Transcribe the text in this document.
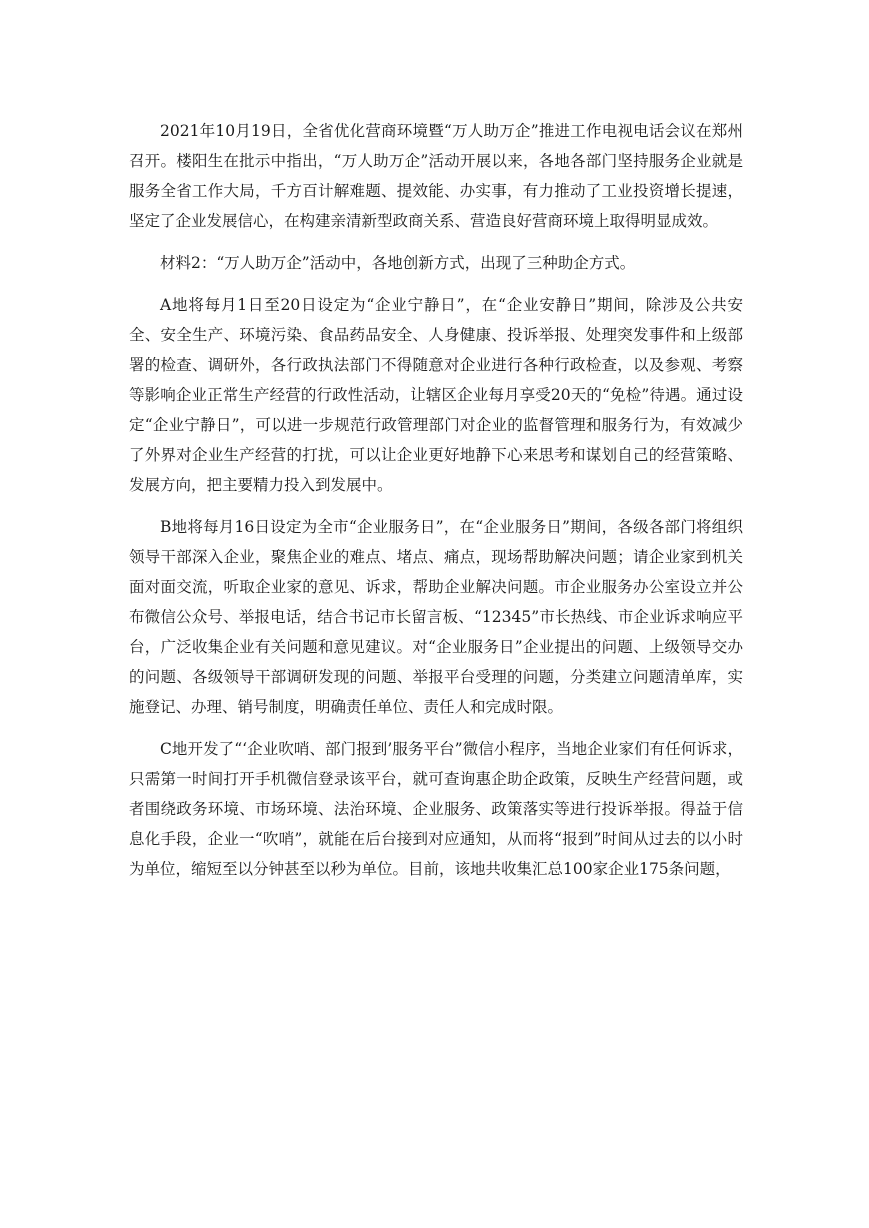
2021年10月19日，全省优化营商环境暨“万人助万企”推进工作电视电话会议在郑州召开。楼阳生在批示中指出，“万人助万企”活动开展以来，各地各部门坚持服务企业就是服务全省工作大局，千方百计解难题、提效能、办实事，有力推动了工业投资增长提速，坚定了企业发展信心，在构建亲清新型政商关系、营造良好营商环境上取得明显成效。

材料2：“万人助万企”活动中，各地创新方式，出现了三种助企方式。

A地将每月1日至20日设定为“企业宁静日”，在“企业安静日”期间，除涉及公共安全、安全生产、环境污染、食品药品安全、人身健康、投诉举报、处理突发事件和上级部署的检查、调研外，各行政执法部门不得随意对企业进行各种行政检查，以及参观、考察等影响企业正常生产经营的行政性活动，让辖区企业每月享受20天的“免检”待遇。通过设定“企业宁静日”，可以进一步规范行政管理部门对企业的监督管理和服务行为，有效减少了外界对企业生产经营的打扰，可以让企业更好地静下心来思考和谋划自己的经营策略、发展方向，把主要精力投入到发展中。

B地将每月16日设定为全市“企业服务日”，在“企业服务日”期间，各级各部门将组织领导干部深入企业，聚焦企业的难点、堵点、痛点，现场帮助解决问题；请企业家到机关面对面交流，听取企业家的意见、诉求，帮助企业解决问题。市企业服务办公室设立并公布微信公众号、举报电话，结合书记市长留言板、“12345”市长热线、市企业诉求响应平台，广泛收集企业有关问题和意见建议。对“企业服务日”企业提出的问题、上级领导交办的问题、各级领导干部调研发现的问题、举报平台受理的问题，分类建立问题清单库，实施登记、办理、销号制度，明确责任单位、责任人和完成时限。

C地开发了“‘企业吹哨、部门报到’服务平台”微信小程序，当地企业家们有任何诉求，只需第一时间打开手机微信登录该平台，就可查询惠企助企政策，反映生产经营问题，或者围绕政务环境、市场环境、法治环境、企业服务、政策落实等进行投诉举报。得益于信息化手段，企业一“吹哨”，就能在后台接到对应通知，从而将“报到”时间从过去的以小时为单位，缩短至以分钟甚至以秒为单位。目前，该地共收集汇总100家企业175条问题，
